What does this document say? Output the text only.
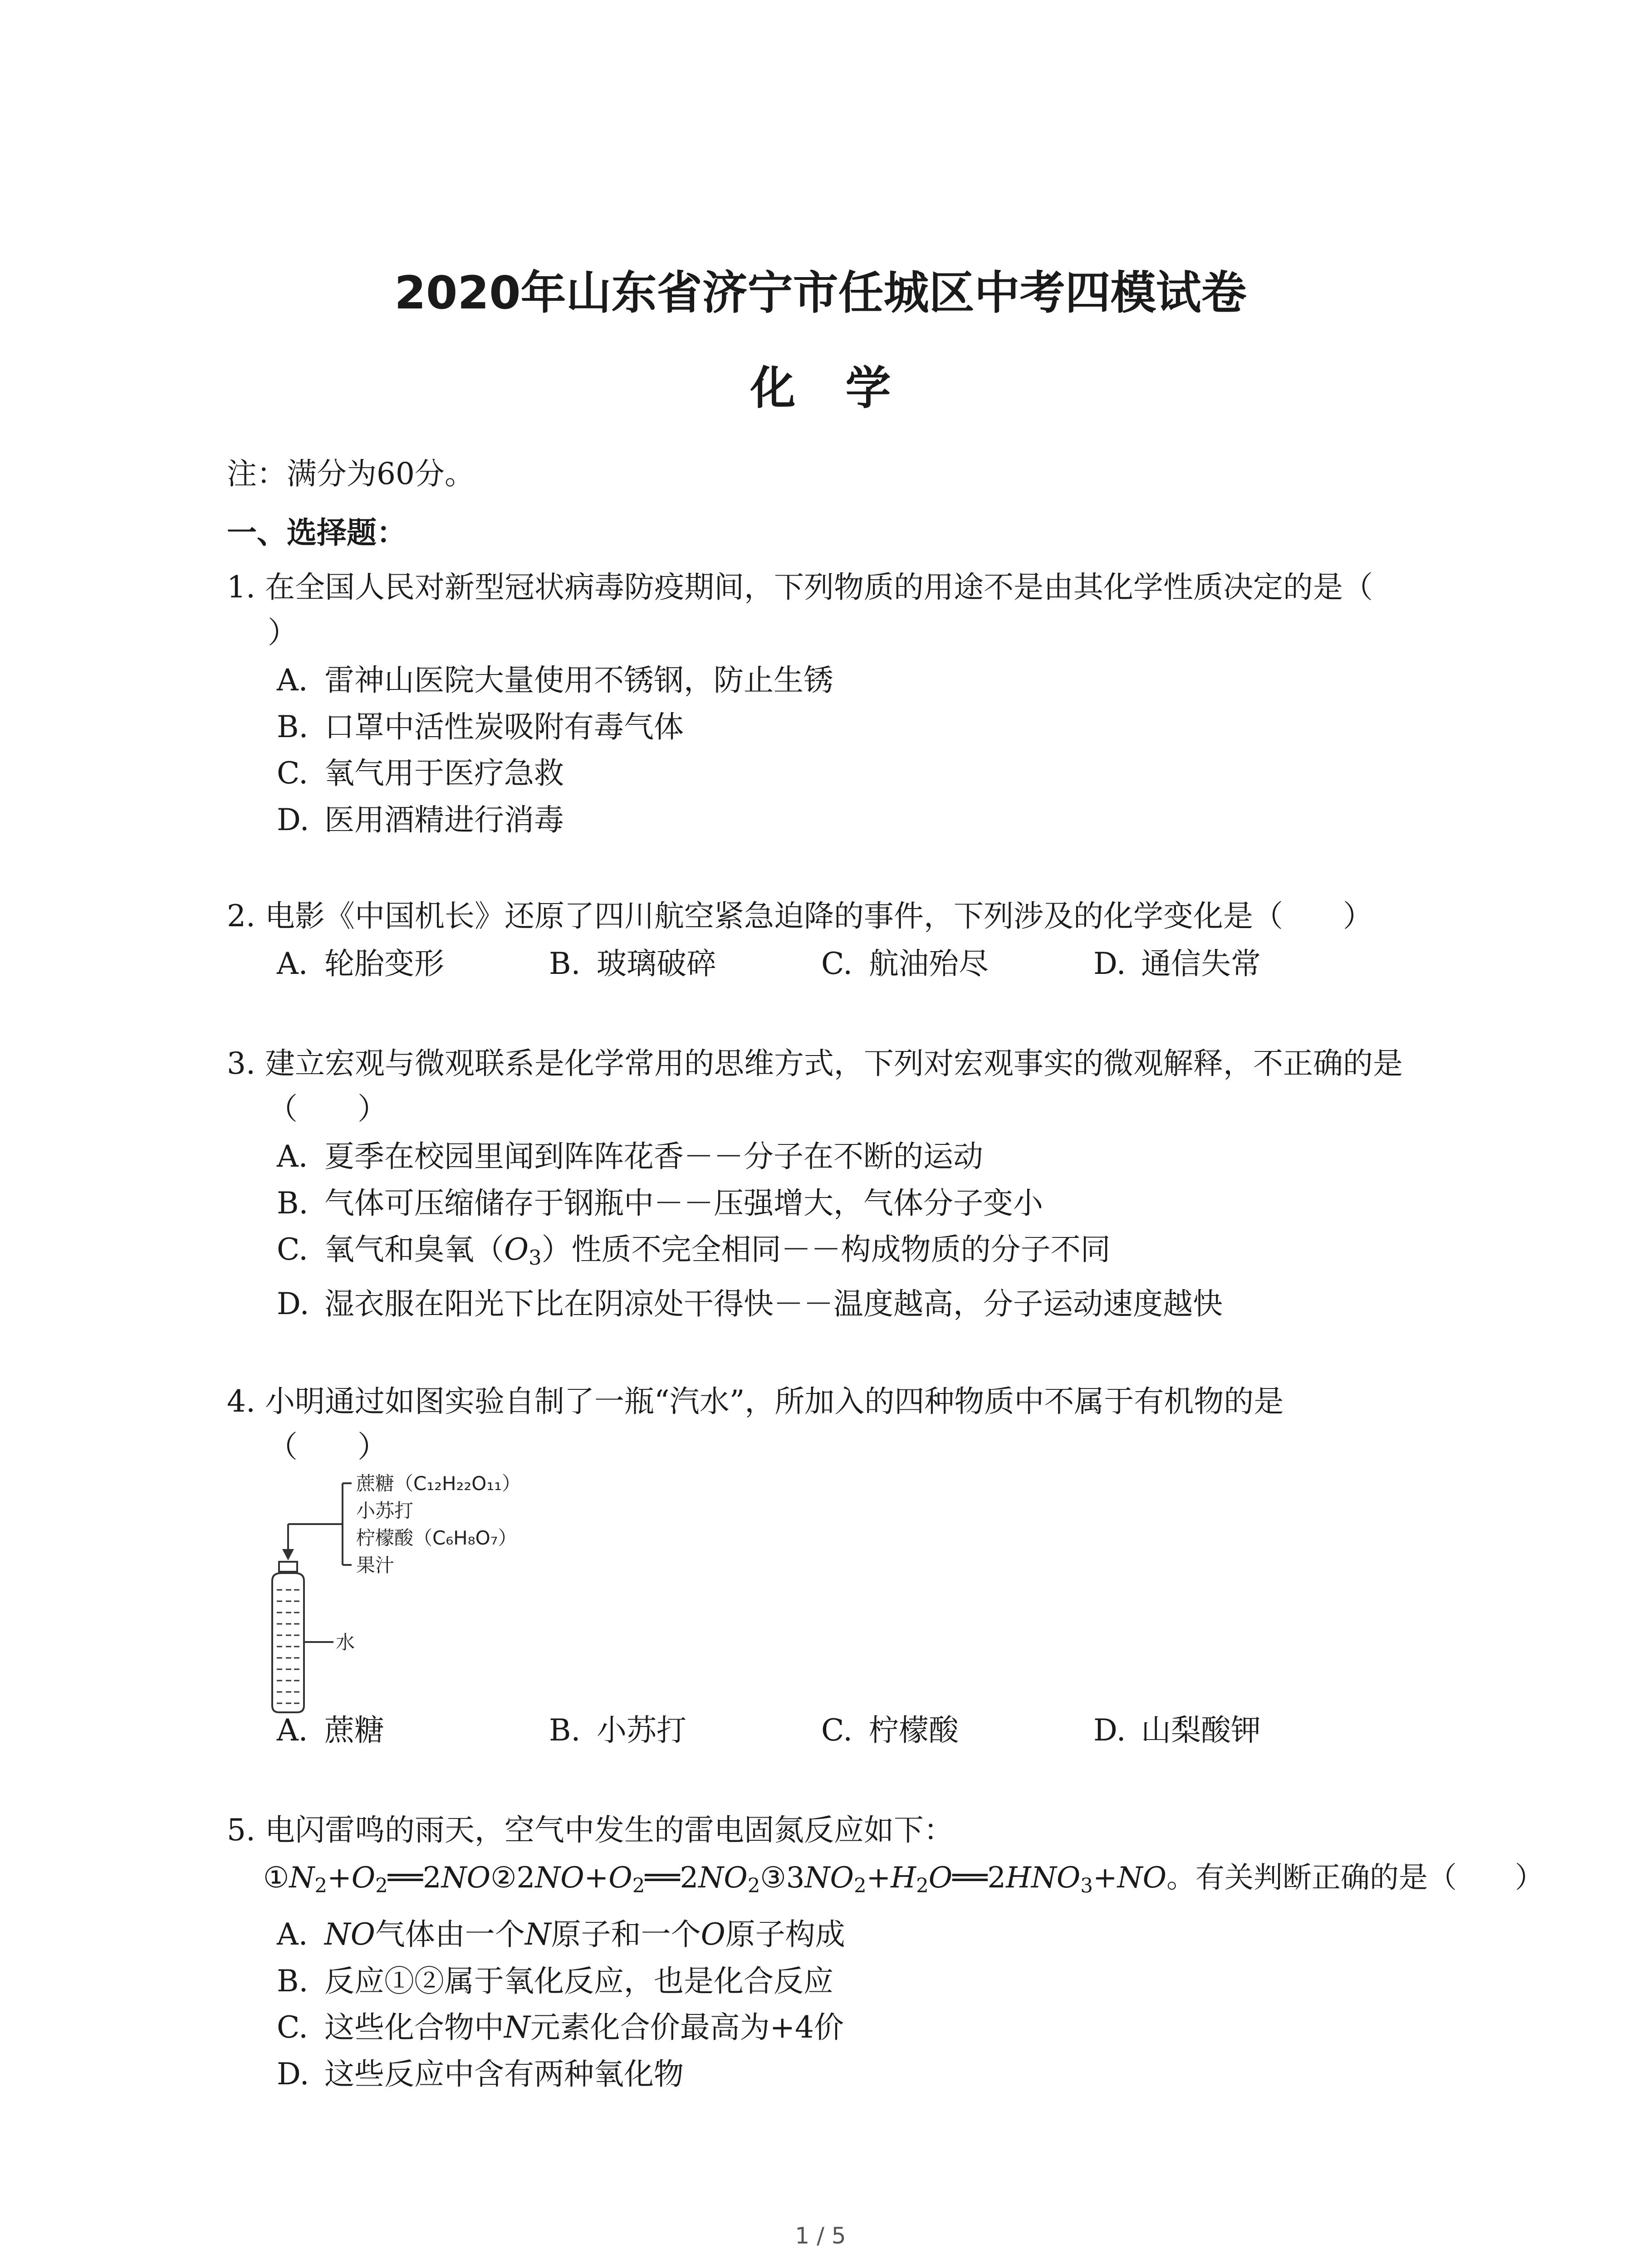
2020年山东省济宁市任城区中考四模试卷
化学
注：满分为60分。
一、选择题：
1. 在全国人民对新型冠状病毒防疫期间，下列物质的用途不是由其化学性质决定的是（
）
A. 雷神山医院大量使用不锈钢，防止生锈
B. 口罩中活性炭吸附有毒气体
C. 氧气用于医疗急救
D. 医用酒精进行消毒
2. 电影《中国机长》还原了四川航空紧急迫降的事件，下列涉及的化学变化是（　　）
A. 轮胎变形	B. 玻璃破碎	C. 航油殆尽	D. 通信失常
3. 建立宏观与微观联系是化学常用的思维方式，下列对宏观事实的微观解释，不正确的是
（　　）
A. 夏季在校园里闻到阵阵花香－－分子在不断的运动
B. 气体可压缩储存于钢瓶中－－压强增大，气体分子变小
C. 氧气和臭氧$(O_3)$性质不完全相同－－构成物质的分子不同
D. 湿衣服在阳光下比在阴凉处干得快－－温度越高，分子运动速度越快
4. 小明通过如图实验自制了一瓶“汽水”，所加入的四种物质中不属于有机物的是
（　　）
蔗糖（C₁₂H₂₂O₁₁）
小苏打
柠檬酸（C₆H₈O₇）
果汁
水
A. 蔗糖	B. 小苏打	C. 柠檬酸	D. 山梨酸钾
5. 电闪雷鸣的雨天，空气中发生的雷电固氮反应如下：
$①N_2+O_2══2NO②2NO+O_2══2NO_2③3NO_2+H_2O══2HNO_3+NO$。有关判断正确的是（　　）
A. NO气体由一个N原子和一个O原子构成
B. 反应①②属于氧化反应，也是化合反应
C. 这些化合物中N元素化合价最高为+4价
D. 这些反应中含有两种氧化物
1 / 5
